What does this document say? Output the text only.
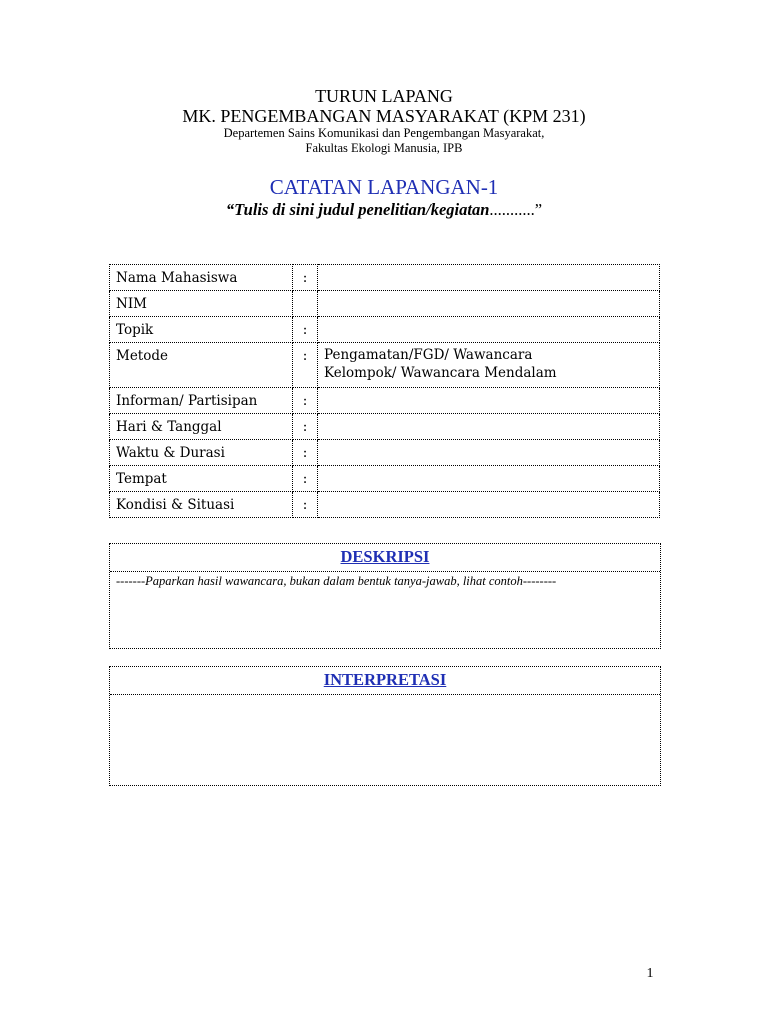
TURUN LAPANG
MK. PENGEMBANGAN MASYARAKAT (KPM 231)
Departemen Sains Komunikasi dan Pengembangan Masyarakat,
Fakultas Ekologi Manusia, IPB
CATATAN LAPANGAN-1
“Tulis di sini judul penelitian/kegiatan...........”
Nama Mahasiswa	:	

NIM		

Topik	:	

Metode	:	Pengamatan/FGD/ Wawancara
Kelompok/ Wawancara Mendalam

Informan/ Partisipan	:	

Hari & Tanggal	:	

Waktu & Durasi	:	

Tempat	:	

Kondisi & Situasi	:	

DESKRIPSI
-------Paparkan hasil wawancara, bukan dalam bentuk tanya-jawab, lihat contoh--------
INTERPRETASI
1
